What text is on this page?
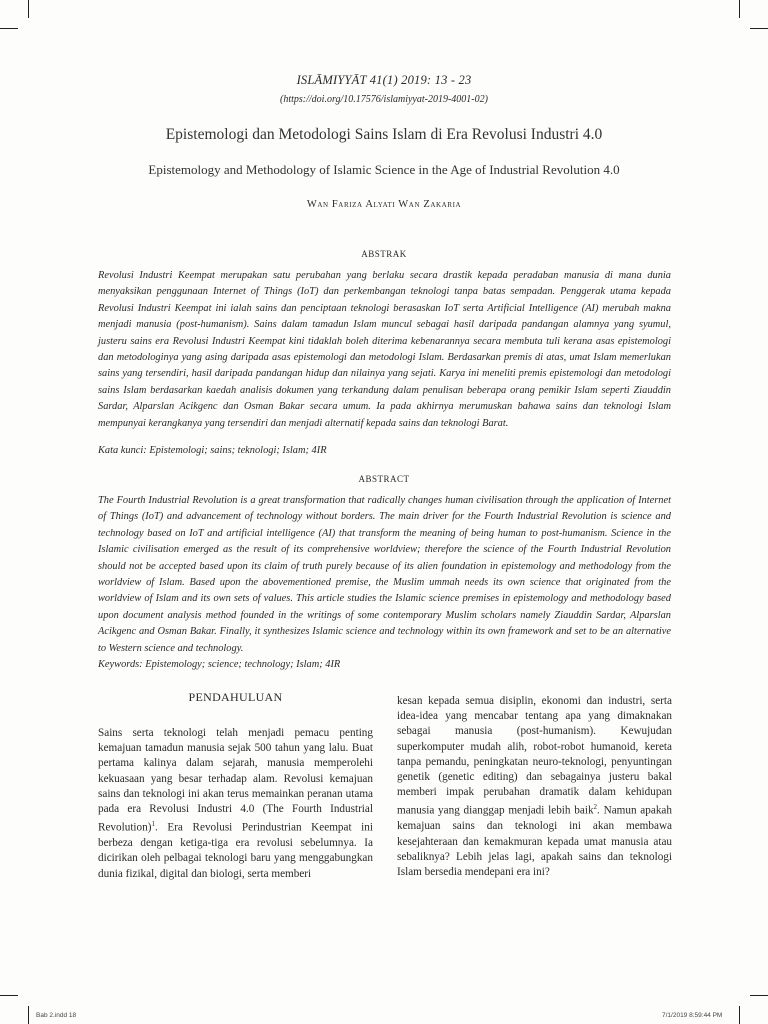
ISLĀMIYYĀT 41(1) 2019: 13 - 23
(https://doi.org/10.17576/islamiyyat-2019-4001-02)
Epistemologi dan Metodologi Sains Islam di Era Revolusi Industri 4.0
Epistemology and Methodology of Islamic Science in the Age of Industrial Revolution 4.0
Wan Fariza Alyati Wan Zakaria
ABSTRAK

Revolusi Industri Keempat merupakan satu perubahan yang berlaku secara drastik kepada peradaban manusia di mana dunia menyaksikan penggunaan Internet of Things (IoT) dan perkembangan teknologi tanpa batas sempadan. Penggerak utama kepada Revolusi Industri Keempat ini ialah sains dan penciptaan teknologi berasaskan IoT serta Artificial Intelligence (AI) merubah makna menjadi manusia (post-humanism). Sains dalam tamadun Islam muncul sebagai hasil daripada pandangan alamnya yang syumul, justeru sains era Revolusi Industri Keempat kini tidaklah boleh diterima kebenarannya secara membuta tuli kerana asas epistemologi dan metodologinya yang asing daripada asas epistemologi dan metodologi Islam. Berdasarkan premis di atas, umat Islam memerlukan sains yang tersendiri, hasil daripada pandangan hidup dan nilainya yang sejati. Karya ini meneliti premis epistemologi dan metodologi sains Islam berdasarkan kaedah analisis dokumen yang terkandung dalam penulisan beberapa orang pemikir Islam seperti Ziauddin Sardar, Alparslan Acikgenc dan Osman Bakar secara umum. Ia pada akhirnya merumuskan bahawa sains dan teknologi Islam mempunyai kerangkanya yang tersendiri dan menjadi alternatif kepada sains dan teknologi Barat.

Kata kunci: Epistemologi; sains; teknologi; Islam; 4IR

ABSTRACT

The Fourth Industrial Revolution is a great transformation that radically changes human civilisation through the application of Internet of Things (IoT) and advancement of technology without borders. The main driver for the Fourth Industrial Revolution is science and technology based on IoT and artificial intelligence (AI) that transform the meaning of being human to post-humanism. Science in the Islamic civilisation emerged as the result of its comprehensive worldview; therefore the science of the Fourth Industrial Revolution should not be accepted based upon its claim of truth purely because of its alien foundation in epistemology and methodology from the worldview of Islam. Based upon the abovementioned premise, the Muslim ummah needs its own science that originated from the worldview of Islam and its own sets of values. This article studies the Islamic science premises in epistemology and methodology based upon document analysis method founded in the writings of some contemporary Muslim scholars namely Ziauddin Sardar, Alparslan Acikgenc and Osman Bakar. Finally, it synthesizes Islamic science and technology within its own framework and set to be an alternative to Western science and technology.

Keywords: Epistemology; science; technology; Islam; 4IR

PENDAHULUAN

Sains serta teknologi telah menjadi pemacu penting kemajuan tamadun manusia sejak 500 tahun yang lalu. Buat pertama kalinya dalam sejarah, manusia memperolehi kekuasaan yang besar terhadap alam. Revolusi kemajuan sains dan teknologi ini akan terus memainkan peranan utama pada era Revolusi Industri 4.0 (The Fourth Industrial Revolution)$^1$. Era Revolusi Perindustrian Keempat ini berbeza dengan ketiga-tiga era revolusi sebelumnya. Ia dicirikan oleh pelbagai teknologi baru yang menggabungkan dunia fizikal, digital dan biologi, serta memberi

kesan kepada semua disiplin, ekonomi dan industri, serta idea-idea yang mencabar tentang apa yang dimaknakan sebagai manusia (post-humanism). Kewujudan superkomputer mudah alih, robot-robot humanoid, kereta tanpa pemandu, peningkatan neuro-teknologi, penyuntingan genetik (genetic editing) dan sebagainya justeru bakal memberi impak perubahan dramatik dalam kehidupan manusia yang dianggap menjadi lebih baik$^2$. Namun apakah kemajuan sains dan teknologi ini akan membawa kesejahteraan dan kemakmuran kepada umat manusia atau sebaliknya? Lebih jelas lagi, apakah sains dan teknologi Islam bersedia mendepani era ini?

Bab 2.indd 18	7/1/2019 8:59:44 PM
